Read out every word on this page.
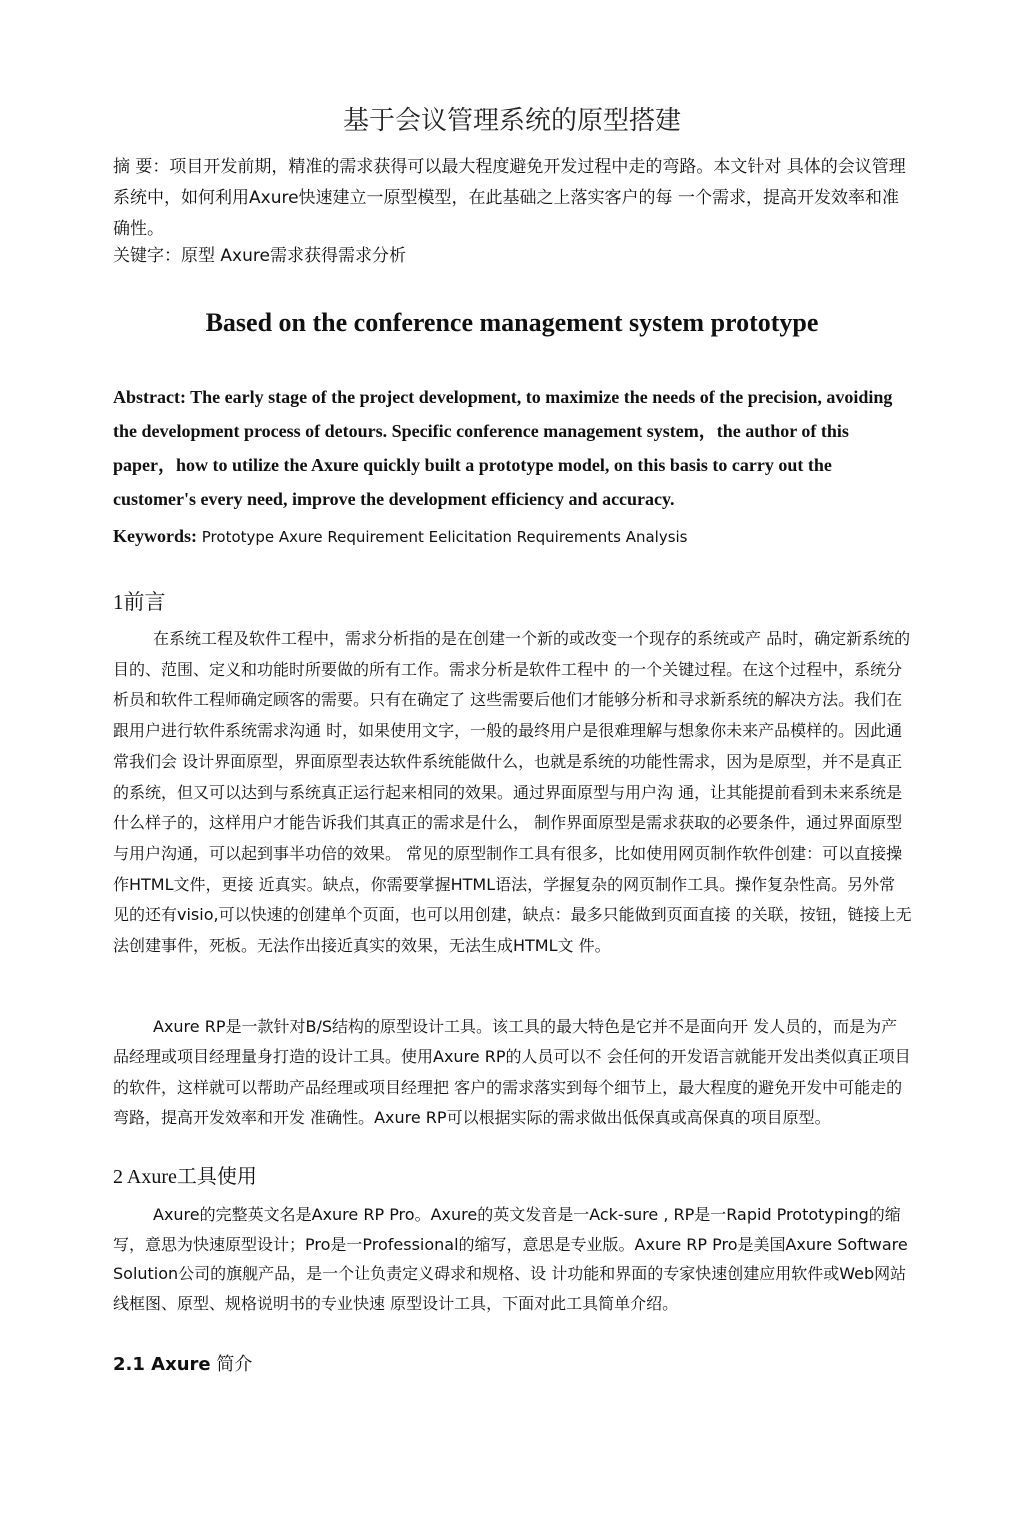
基于会议管理系统的原型搭建

摘 要：项目开发前期，精准的需求获得可以最大程度避免开发过程中走的弯路。本文针对 具体的会议管理系统中，如何利用Axure快速建立一原型模型，在此基础之上落实客户的每 一个需求，提高开发效率和准确性。

关键字：原型 Axure需求获得需求分析

Based on the conference management system prototype

Abstract: The early stage of the project development, to maximize the needs of the precision, avoiding the development process of detours. Specific conference management system，the author of this paper，how to utilize the Axure quickly built a prototype model, on this basis to carry out the customer's every need, improve the development efficiency and accuracy.

Keywords: Prototype Axure Requirement Eelicitation Requirements Analysis

1前言

在系统工程及软件工程中，需求分析指的是在创建一个新的或改变一个现存的系统或产 品时，确定新系统的目的、范围、定义和功能时所要做的所有工作。需求分析是软件工程中 的一个关键过程。在这个过程中，系统分析员和软件工程师确定顾客的需要。只有在确定了 这些需要后他们才能够分析和寻求新系统的解决方法。我们在跟用户进行软件系统需求沟通 时，如果使用文字，一般的最终用户是很难理解与想象你未来产品模样的。因此通常我们会 设计界面原型，界面原型表达软件系统能做什么，也就是系统的功能性需求，因为是原型，并不是真正的系统，但又可以达到与系统真正运行起来相同的效果。通过界面原型与用户沟 通，让其能提前看到未来系统是什么样子的，这样用户才能告诉我们其真正的需求是什么， 制作界面原型是需求获取的必要条件，通过界面原型与用户沟通，可以起到事半功倍的效果。 常见的原型制作工具有很多，比如使用网页制作软件创建：可以直接操作HTML文件，更接 近真实。缺点，你需要掌握HTML语法，学握复杂的网页制作工具。操作复杂性高。另外常 见的还有visio,可以快速的创建单个页面，也可以用创建，缺点：最多只能做到页面直接 的关联，按钮，链接上无法创建事件，死板。无法作出接近真实的效果，无法生成HTML文 件。

Axure RP是一款针对B/S结构的原型设计工具。该工具的最大特色是它并不是面向开 发人员的，而是为产品经理或项目经理量身打造的设计工具。使用Axure RP的人员可以不 会任何的开发语言就能开发出类似真正项目的软件，这样就可以帮助产品经理或项目经理把 客户的需求落实到每个细节上，最大程度的避免开发中可能走的弯路，提高开发效率和开发 准确性。Axure RP可以根据实际的需求做出低保真或高保真的项目原型。

2 Axure工具使用

Axure的完整英文名是Axure RP Pro。Axure的英文发音是一Ack-sure , RP是一Rapid Prototyping的缩写，意思为快速原型设计；Pro是一Professional的缩写，意思是专业版。Axure RP Pro是美国Axure Software Solution公司的旗舰产品，是一个让负责定义碍求和规格、设 计功能和界面的专家快速创建应用软件或Web网站线框图、原型、规格说明书的专业快速 原型设计工具，下面对此工具简单介绍。

2.1 Axure 简介
